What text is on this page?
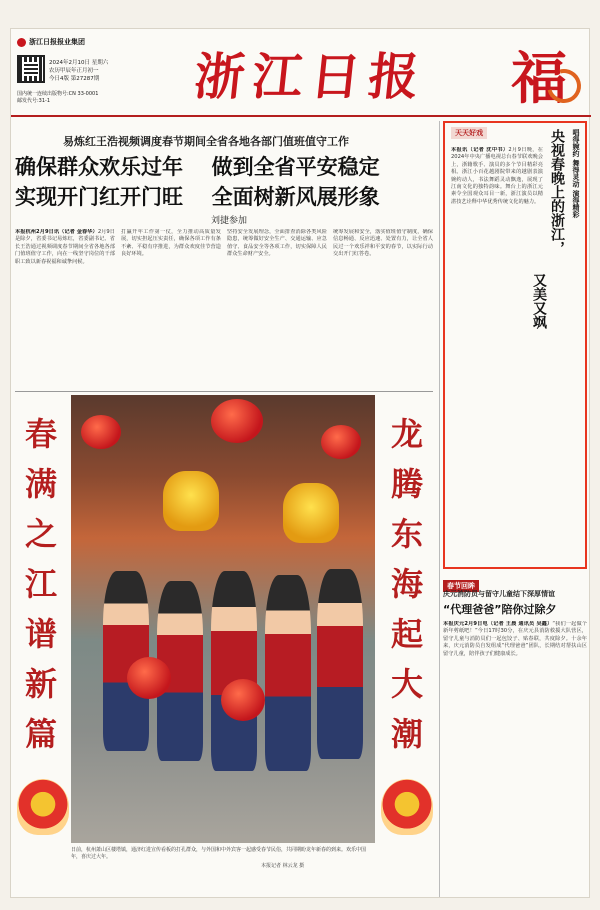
浙江日报报业集团
2024年2月10日 星期六
农历甲辰年正月初一
今日4版 第27287期
国内统一连续出版物号:CN 33-0001
邮发代号:31-1	浙江日报	福
易炼红王浩视频调度春节期间全省各地各部门值班值守工作
确保群众欢乐过年 做到全省平安稳定
实现开门红开门旺 全面树新风展形象
刘捷参加
本报杭州2月9日讯（记者 金春华）2月9日是除夕，省委书记易炼红，省委副书记、省长王浩通过视频调度春节期间全省各地各部门值班值守工作，向在一线坚守岗位的干部职工致以新春祝福和诚挚问候。
打赢开年工作第一仗，全力推动高质量发展，切实担起压实责任，确保各项工作有条不紊、平稳有序推进，为群众欢度佳节营造良好环境。
坚持安全发展理念，全面排查消除各类风险隐患，统筹做好安全生产、交通运输、应急值守、食品安全等各项工作，切实保障人民群众生命财产安全。
统筹发展和安全，落实值班值守制度，确保信息畅通、反应迅速、处置有力，让全省人民过一个欢乐祥和平安的春节，以实际行动交出开门红答卷。
春满之江谱新篇
龙腾东海起大潮
日前，杭州萧山区楼塔镇，通济红进宣传看板的打孔群众，与外国和中外宾客一起感受春节民俗，共同期盼龙年新春的到来。欢乐中国年，喜庆过大年。
本报记者 林云龙 摄
天天好戏	唱得婉约 舞得灵动 演得精彩
央视春晚上的浙江，
又美又飒
本报讯（记者 沈中书）2月9日晚，在2024年中央广播电视总台春节联欢晚会上，浙籍歌手、演员的多个节目精彩亮相。浙江小百花越剧院带来的越剧表演婉约动人，书法舞蹈灵动飘逸，展现了江南文化的独特韵味。舞台上的浙江元素令全国观众耳目一新，浙江演员以精湛技艺诠释中华优秀传统文化的魅力。
春节回眸
庆元消防员与留守儿童结下深厚情谊
“代理爸爸”陪你过除夕
本报庆元2月9日电（记者 王晨 通讯员 吴鑫）“我们一起做个新年剪纸吧！”今日17时30分，在庆元县消防救援大队营区，留守儿童与消防员们一起包饺子、贴春联，共度除夕。十余年来，庆元消防员自发组成“代理爸爸”团队，长期结对帮扶山区留守儿童，陪伴孩子们健康成长。
